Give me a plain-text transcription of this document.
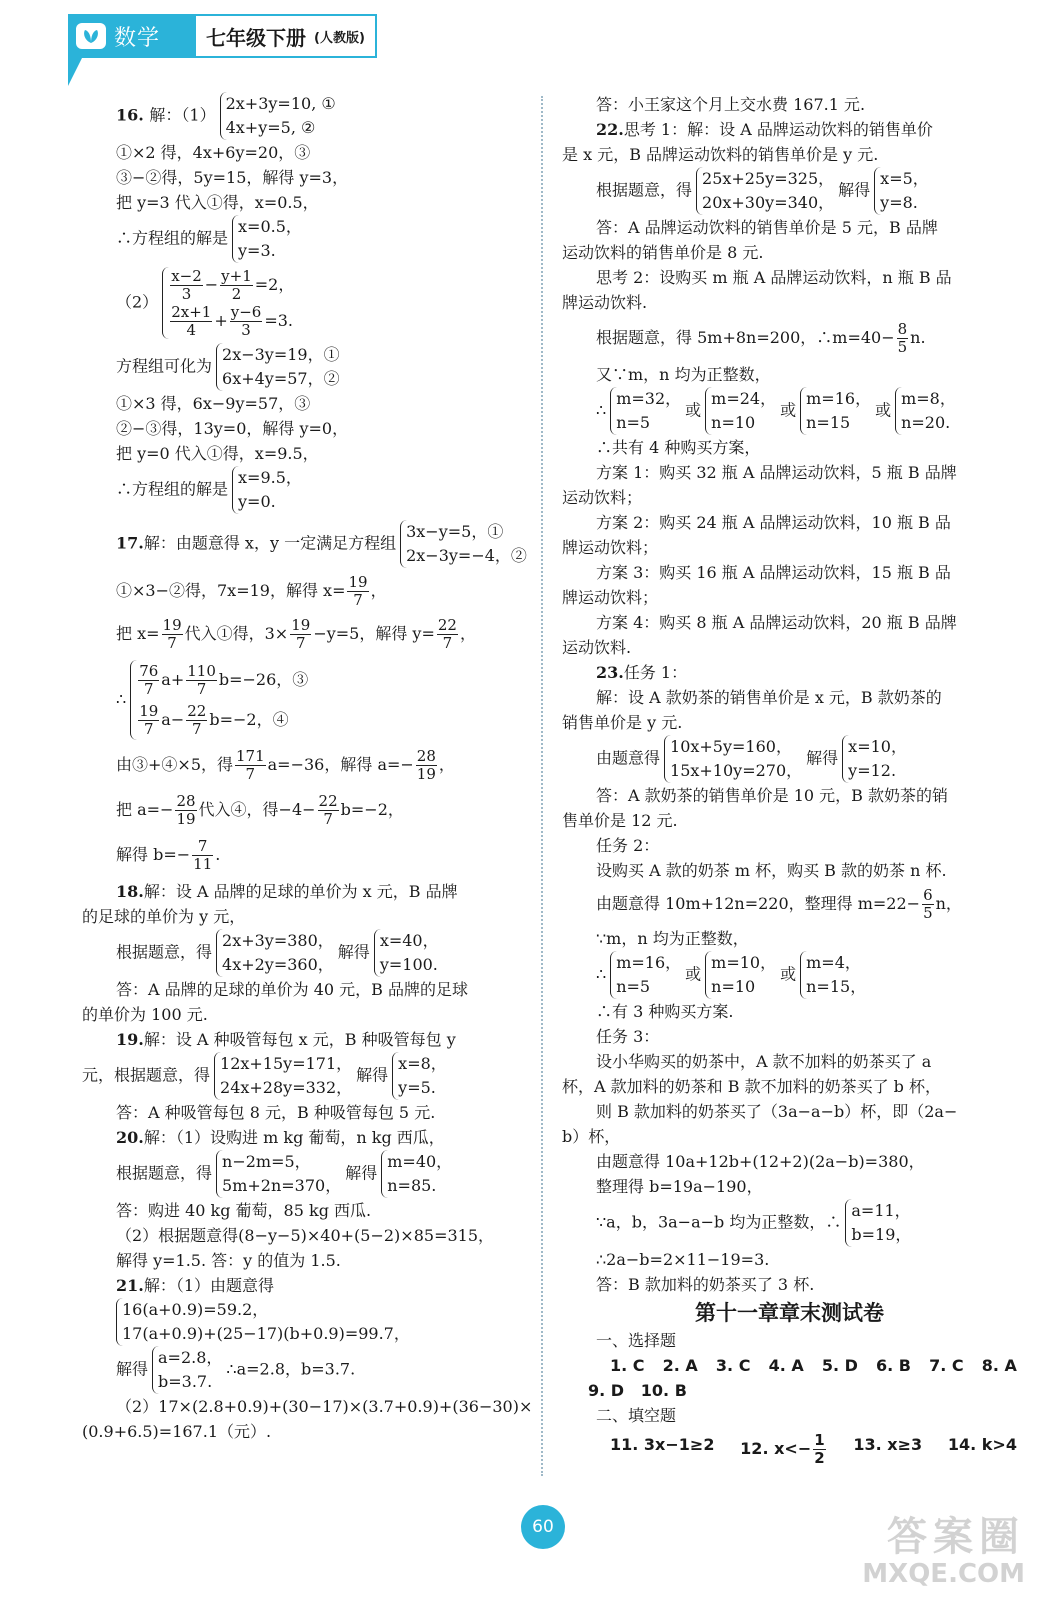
数学 七年级下册 (人教版)
16. 解：（1）
2x+3y=10, ①
4x+y=5, ②
①×2 得，4x+6y=20，③
③−②得，5y=15，解得 y=3，
把 y=3 代入①得，x=0.5，
∴方程组的解是
x=0.5，
y=3.
$(2) \frac{x-2}{3} - \frac{y+1}{2} =2$，
$\frac{2x+1}{4} + \frac{y-6}{3} =3$.
方程组可化为
2x−3y=19，①
6x+4y=57，②
①×3 得，6x−9y=57，③
②−③得，13y=0，解得 y=0，
把 y=0 代入①得，x=9.5，
∴方程组的解是
x=9.5，
y=0.
17.解：由题意得 x，y 一定满足方程组
3x−y=5，①
2x−3y=−4，②
①×3−②得，7x=19，解得 $x= \frac{19}{7}$ ，
把 $x= \frac{19}{7}$ 代入①得，$3\times \frac{19}{7} -y=5$，解得 $y= \frac{22}{7}$ ，
∴
$\frac{76}{7} a+ \frac{110}{7} b=-26$，③
$\frac{19}{7} a- \frac{22}{7} b=-2$，④
由③+④×5，得 $\frac{171}{7} a=-36$，解得 $a=- \frac{28}{19}$ ，
把 $a=- \frac{28}{19}$ 代入④，得$-4- \frac{22}{7} b=-2$，
解得 $b=- \frac{7}{11}$ .
18.解：设 A 品牌的足球的单价为 x 元，B 品牌
的足球的单价为 y 元，
根据题意，得
2x+3y=380，
4x+2y=360，
解得
x=40，
y=100.
答：A 品牌的足球的单价为 40 元，B 品牌的足球
的单价为 100 元.
19.解：设 A 种吸管每包 x 元，B 种吸管每包 y
元，根据题意，得
12x+15y=171，
24x+28y=332，
解得
x=8，
y=5.
答：A 种吸管每包 8 元，B 种吸管每包 5 元.
20.解：（1）设购进 m kg 葡萄，n kg 西瓜，
根据题意，得
n−2m=5，
5m+2n=370，
解得
m=40，
n=85.
答：购进 40 kg 葡萄，85 kg 西瓜.
（2）根据题意得(8−y−5)×40+(5−2)×85=315，
解得 y=1.5. 答：y 的值为 1.5.
21.解：（1）由题意得
16(a+0.9)=59.2，
17(a+0.9)+(25−17)(b+0.9)=99.7，
解得
a=2.8，
b=3.7.
∴a=2.8，b=3.7.
（2）17×(2.8+0.9)+(30−17)×(3.7+0.9)+(36−30)×
(0.9+6.5)=167.1（元）.
答：小王家这个月上交水费 167.1 元.
22.思考 1：解：设 A 品牌运动饮料的销售单价
是 x 元，B 品牌运动饮料的销售单价是 y 元.
根据题意，得
25x+25y=325，
20x+30y=340，
解得
x=5，
y=8.
答：A 品牌运动饮料的销售单价是 5 元，B 品牌
运动饮料的销售单价是 8 元.
思考 2：设购买 m 瓶 A 品牌运动饮料，n 瓶 B 品
牌运动饮料.
根据题意，得 5m+8n=200，∴m=40− $\frac{8}{5} n$.
又∵m，n 均为正整数，
∴
m=32，
n=5
或
m=24，
n=10
或
m=16，
n=15
或
m=8，
n=20.
∴共有 4 种购买方案，
方案 1：购买 32 瓶 A 品牌运动饮料，5 瓶 B 品牌
运动饮料；
方案 2：购买 24 瓶 A 品牌运动饮料，10 瓶 B 品
牌运动饮料；
方案 3：购买 16 瓶 A 品牌运动饮料，15 瓶 B 品
牌运动饮料；
方案 4：购买 8 瓶 A 品牌运动饮料，20 瓶 B 品牌
运动饮料.
23.任务 1：
解：设 A 款奶茶的销售单价是 x 元，B 款奶茶的
销售单价是 y 元.
由题意得
10x+5y=160，
15x+10y=270，
解得
x=10，
y=12.
答：A 款奶茶的销售单价是 10 元，B 款奶茶的销
售单价是 12 元.
任务 2：
设购买 A 款的奶茶 m 杯，购买 B 款的奶茶 n 杯.
由题意得 10m+12n=220，整理得 $m=22- \frac{6}{5}$ n，
∵m，n 均为正整数，
∴
m=16，
n=5
或
m=10，
n=10
或
m=4，
n=15，
∴有 3 种购买方案.
任务 3：
设小华购买的奶茶中，A 款不加料的奶茶买了 a
杯，A 款加料的奶茶和 B 款不加料的奶茶买了 b 杯，
则 B 款加料的奶茶买了（3a−a−b）杯，即（2a−
b）杯，
由题意得 10a+12b+(12+2)(2a−b)=380，
整理得 b=19a−190，
∵a，b，3a−a−b 均为正整数，∴
a=11，
b=19，
∴2a−b=2×11−19=3.
答：B 款加料的奶茶买了 3 杯.
第十一章章末测试卷
一、选择题
1. C 2. A 3. C 4. A 5. D 6. B 7. C 8. A
9. D 10. B
二、填空题
11. 3x−1≥2 12. $x<- \frac{1}{2} 13$. x≥3 14. k>4
60	答案圈
MXQE.COM
